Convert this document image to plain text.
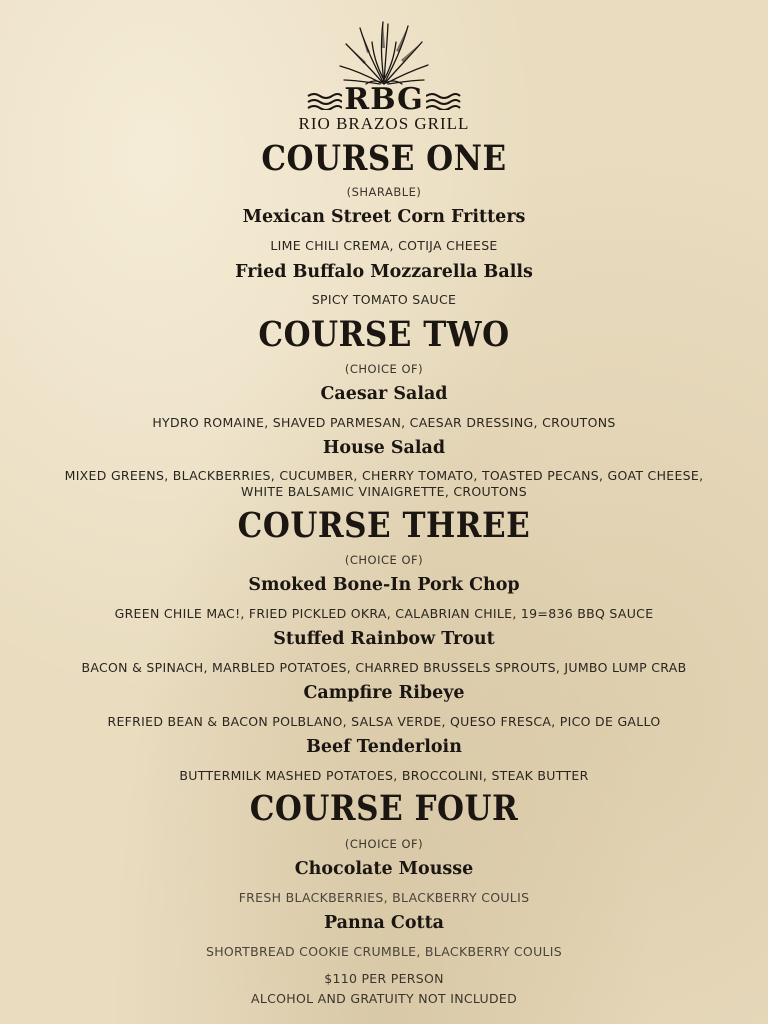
RBG
RIO BRAZOS GRILL
COURSE ONE
(SHARABLE)
Mexican Street Corn Fritters
LIME CHILI CREMA, COTIJA CHEESE
Fried Buffalo Mozzarella Balls
SPICY TOMATO SAUCE
COURSE TWO
(CHOICE OF)
Caesar Salad
HYDRO ROMAINE, SHAVED PARMESAN, CAESAR DRESSING, CROUTONS
House Salad
MIXED GREENS, BLACKBERRIES, CUCUMBER, CHERRY TOMATO, TOASTED PECANS, GOAT CHEESE,
WHITE BALSAMIC VINAIGRETTE, CROUTONS
COURSE THREE
(CHOICE OF)
Smoked Bone-In Pork Chop
GREEN CHILE MAC!, FRIED PICKLED OKRA, CALABRIAN CHILE, 19=836 BBQ SAUCE
Stuffed Rainbow Trout
BACON & SPINACH, MARBLED POTATOES, CHARRED BRUSSELS SPROUTS, JUMBO LUMP CRAB
Campfire Ribeye
REFRIED BEAN & BACON POLBLANO, SALSA VERDE, QUESO FRESCA, PICO DE GALLO
Beef Tenderloin
BUTTERMILK MASHED POTATOES, BROCCOLINI, STEAK BUTTER
COURSE FOUR
(CHOICE OF)
Chocolate Mousse
FRESH BLACKBERRIES, BLACKBERRY COULIS
Panna Cotta
SHORTBREAD COOKIE CRUMBLE, BLACKBERRY COULIS
$110 PER PERSON
ALCOHOL AND GRATUITY NOT INCLUDED
